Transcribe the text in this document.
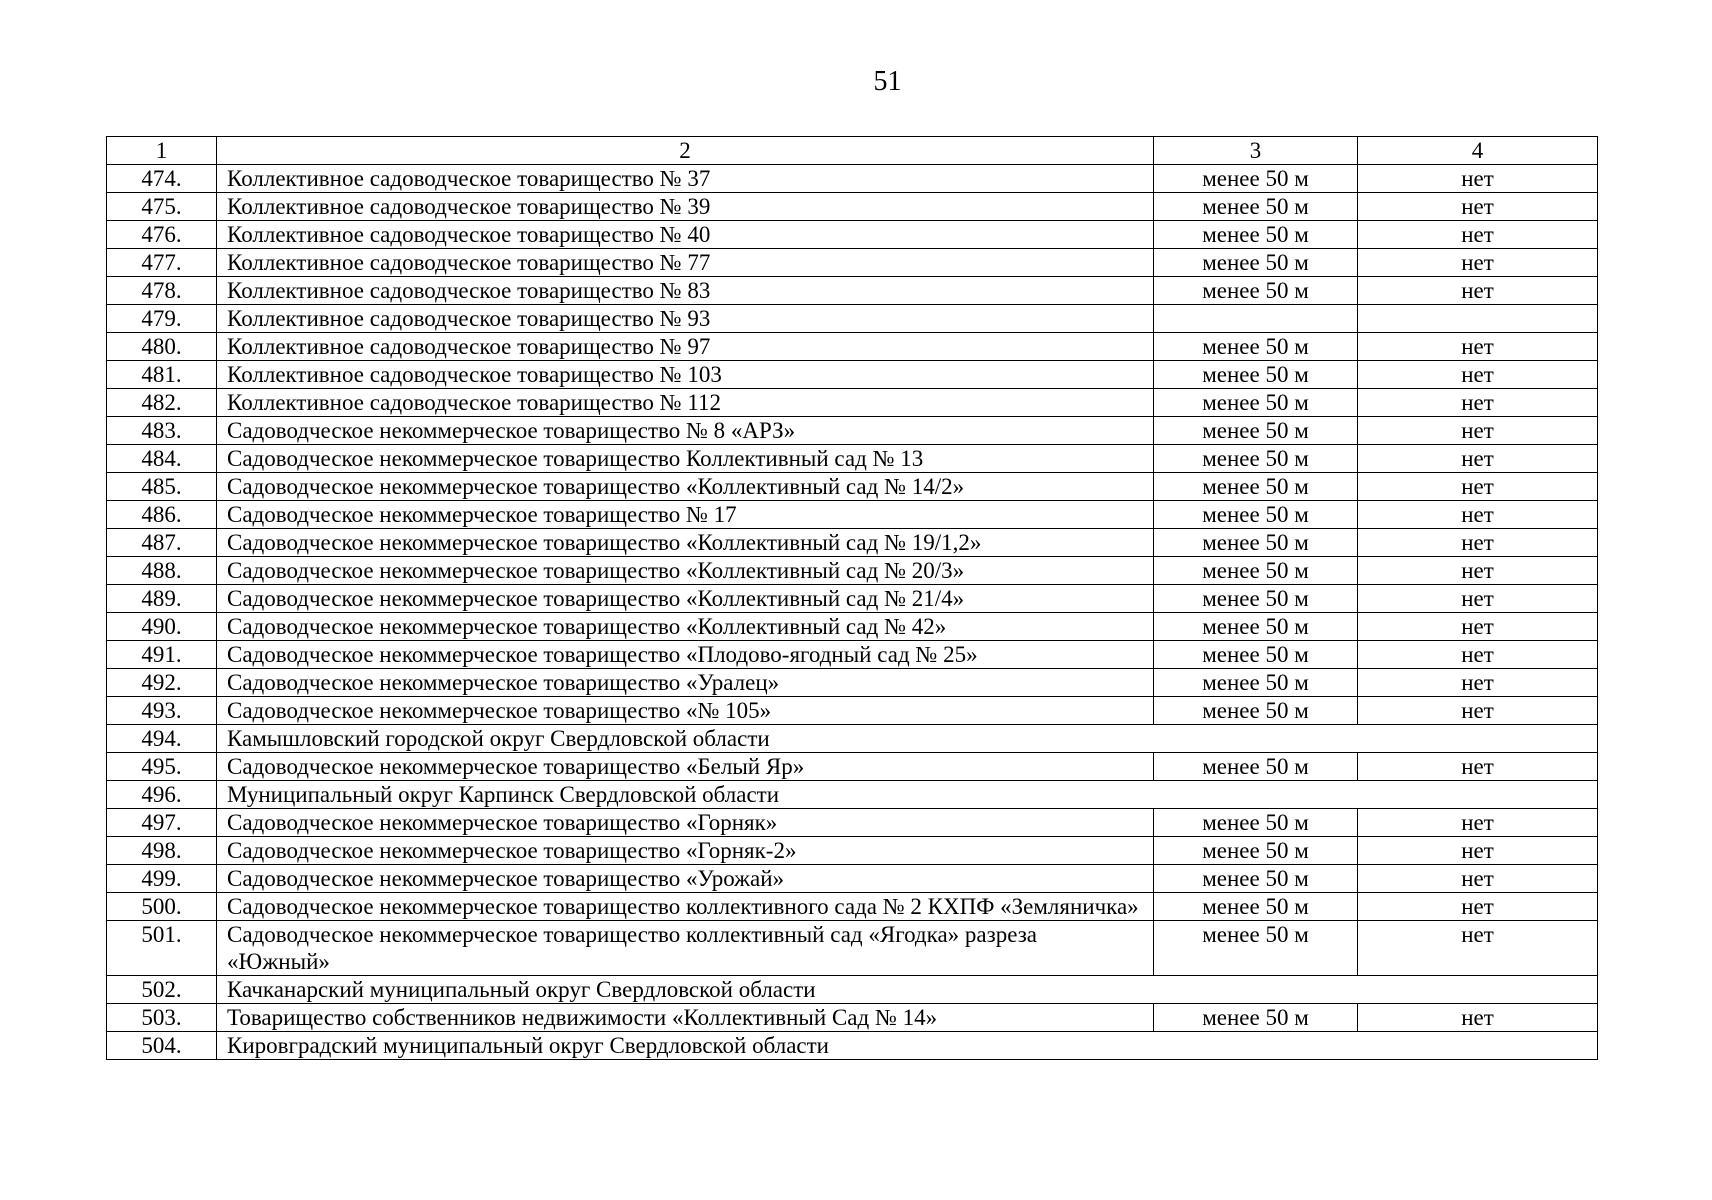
51
1	2	3	4
474.	Коллективное садоводческое товарищество № 37	менее 50 м	нет
475.	Коллективное садоводческое товарищество № 39	менее 50 м	нет
476.	Коллективное садоводческое товарищество № 40	менее 50 м	нет
477.	Коллективное садоводческое товарищество № 77	менее 50 м	нет
478.	Коллективное садоводческое товарищество № 83	менее 50 м	нет
479.	Коллективное садоводческое товарищество № 93		
480.	Коллективное садоводческое товарищество № 97	менее 50 м	нет
481.	Коллективное садоводческое товарищество № 103	менее 50 м	нет
482.	Коллективное садоводческое товарищество № 112	менее 50 м	нет
483.	Садоводческое некоммерческое товарищество № 8 «АРЗ»	менее 50 м	нет
484.	Садоводческое некоммерческое товарищество Коллективный сад № 13	менее 50 м	нет
485.	Садоводческое некоммерческое товарищество «Коллективный сад № 14/2»	менее 50 м	нет
486.	Садоводческое некоммерческое товарищество № 17	менее 50 м	нет
487.	Садоводческое некоммерческое товарищество «Коллективный сад № 19/1,2»	менее 50 м	нет
488.	Садоводческое некоммерческое товарищество «Коллективный сад № 20/3»	менее 50 м	нет
489.	Садоводческое некоммерческое товарищество «Коллективный сад № 21/4»	менее 50 м	нет
490.	Садоводческое некоммерческое товарищество «Коллективный сад № 42»	менее 50 м	нет
491.	Садоводческое некоммерческое товарищество «Плодово-ягодный сад № 25»	менее 50 м	нет
492.	Садоводческое некоммерческое товарищество «Уралец»	менее 50 м	нет
493.	Садоводческое некоммерческое товарищество «№ 105»	менее 50 м	нет
494.	Камышловский городской округ Свердловской области		
495.	Садоводческое некоммерческое товарищество «Белый Яр»	менее 50 м	нет
496.	Муниципальный округ Карпинск Свердловской области		
497.	Садоводческое некоммерческое товарищество «Горняк»	менее 50 м	нет
498.	Садоводческое некоммерческое товарищество «Горняк-2»	менее 50 м	нет
499.	Садоводческое некоммерческое товарищество «Урожай»	менее 50 м	нет
500.	Садоводческое некоммерческое товарищество коллективного сада № 2 КХПФ «Земляничка»	менее 50 м	нет
501.	Садоводческое некоммерческое товарищество коллективный сад «Ягодка» разреза «Южный»	менее 50 м	нет
502.	Качканарский муниципальный округ Свердловской области		
503.	Товарищество собственников недвижимости «Коллективный Сад № 14»	менее 50 м	нет
504.	Кировградский муниципальный округ Свердловской области		
